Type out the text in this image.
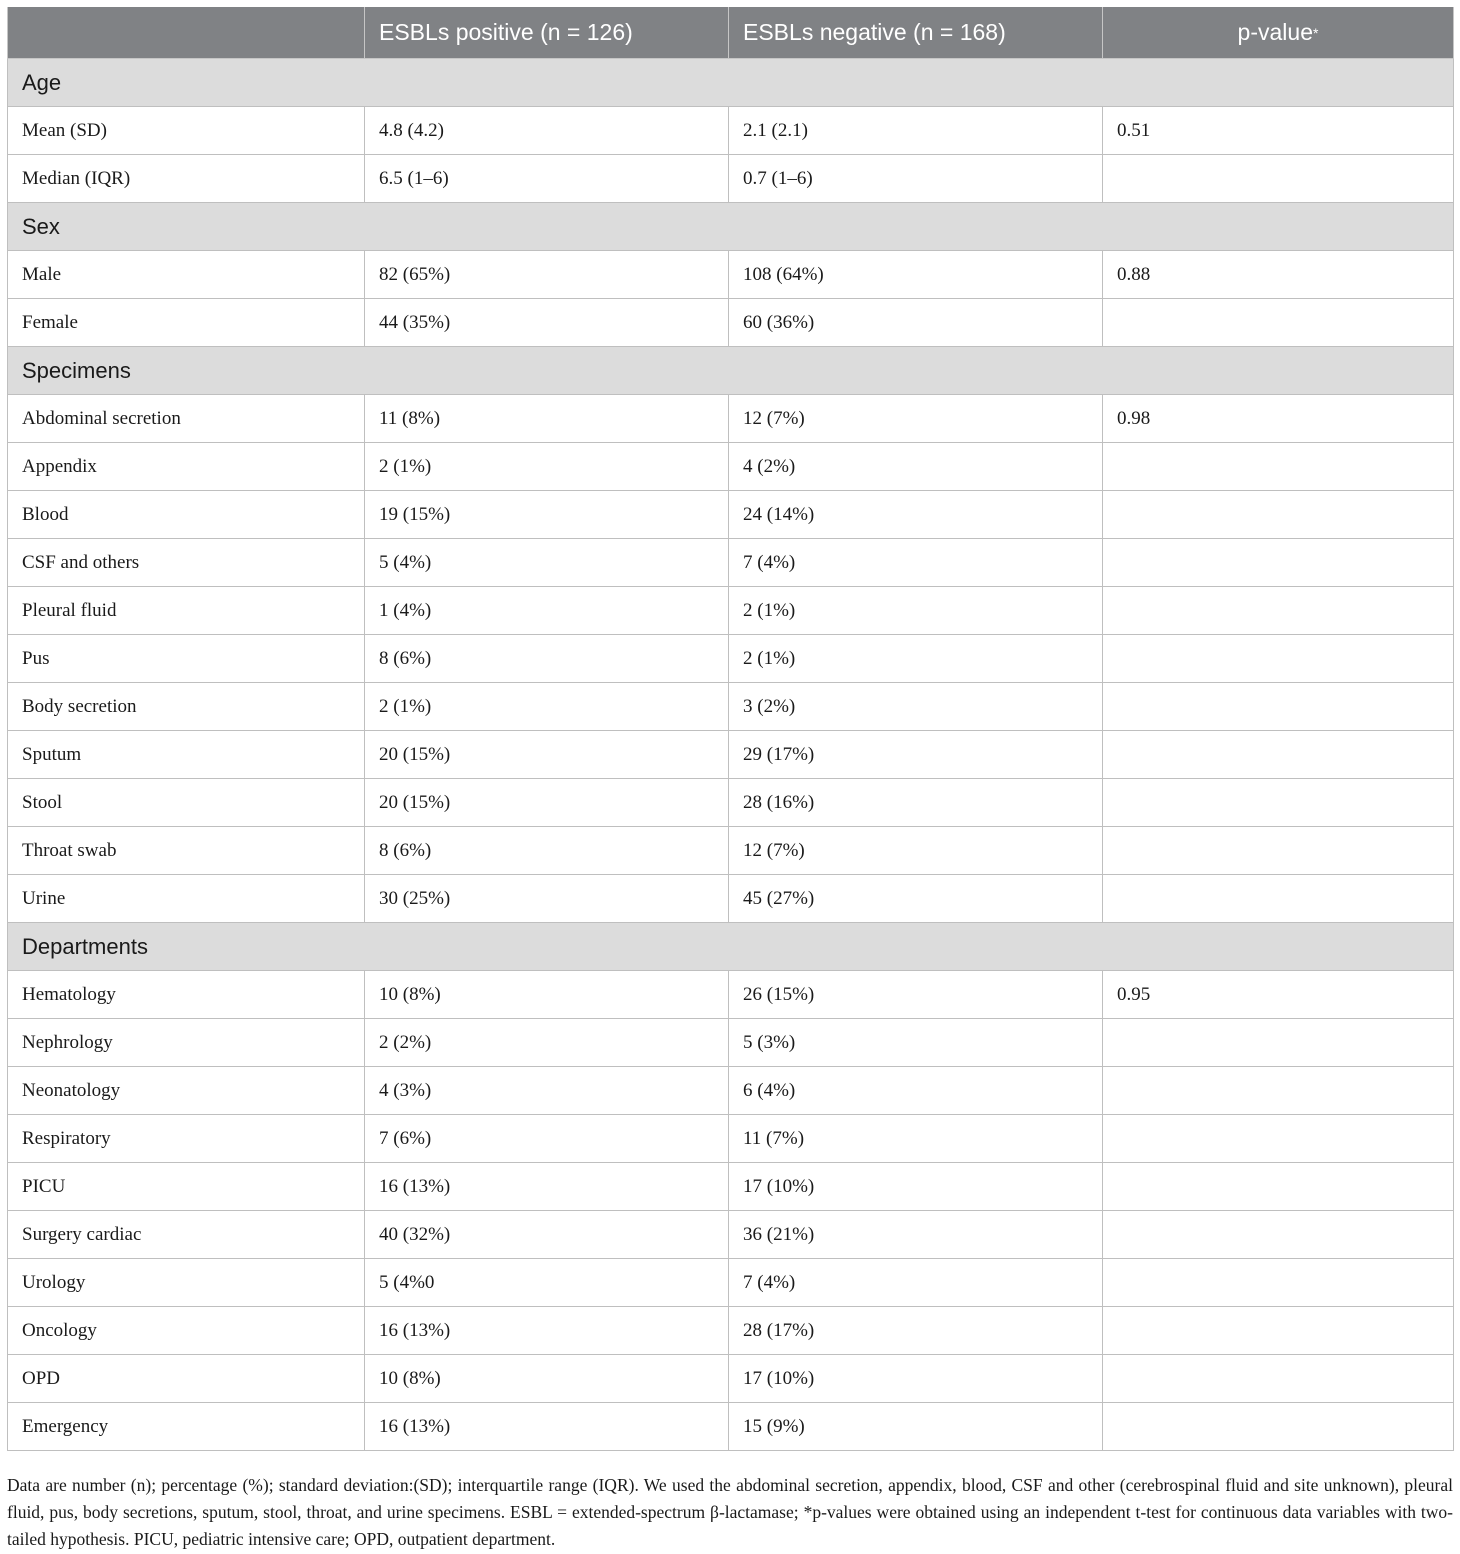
	ESBLs positive (n = 126)	ESBLs negative (n = 168)	p-value*
Age			
Mean (SD)	4.8 (4.2)	2.1 (2.1)	0.51
Median (IQR)	6.5 (1–6)	0.7 (1–6)	
Sex			
Male	82 (65%)	108 (64%)	0.88
Female	44 (35%)	60 (36%)	
Specimens			
Abdominal secretion	11 (8%)	12 (7%)	0.98
Appendix	2 (1%)	4 (2%)	
Blood	19 (15%)	24 (14%)	
CSF and others	5 (4%)	7 (4%)	
Pleural fluid	1 (4%)	2 (1%)	
Pus	8 (6%)	2 (1%)	
Body secretion	2 (1%)	3 (2%)	
Sputum	20 (15%)	29 (17%)	
Stool	20 (15%)	28 (16%)	
Throat swab	8 (6%)	12 (7%)	
Urine	30 (25%)	45 (27%)	
Departments			
Hematology	10 (8%)	26 (15%)	0.95
Nephrology	2 (2%)	5 (3%)	
Neonatology	4 (3%)	6 (4%)	
Respiratory	7 (6%)	11 (7%)	
PICU	16 (13%)	17 (10%)	
Surgery cardiac	40 (32%)	36 (21%)	
Urology	5 (4%0	7 (4%)	
Oncology	16 (13%)	28 (17%)	
OPD	10 (8%)	17 (10%)	
Emergency	16 (13%)	15 (9%)	

Data are number (n); percentage (%); standard deviation:(SD); interquartile range (IQR). We used the abdominal secretion, appendix, blood, CSF and other (cerebrospinal fluid and site unknown), pleural fluid, pus, body secretions, sputum, stool, throat, and urine specimens. ESBL = extended-spectrum β-lactamase; *p-values were obtained using an independent t-test for continuous data variables with two-tailed hypothesis. PICU, pediatric intensive care; OPD, outpatient department.
